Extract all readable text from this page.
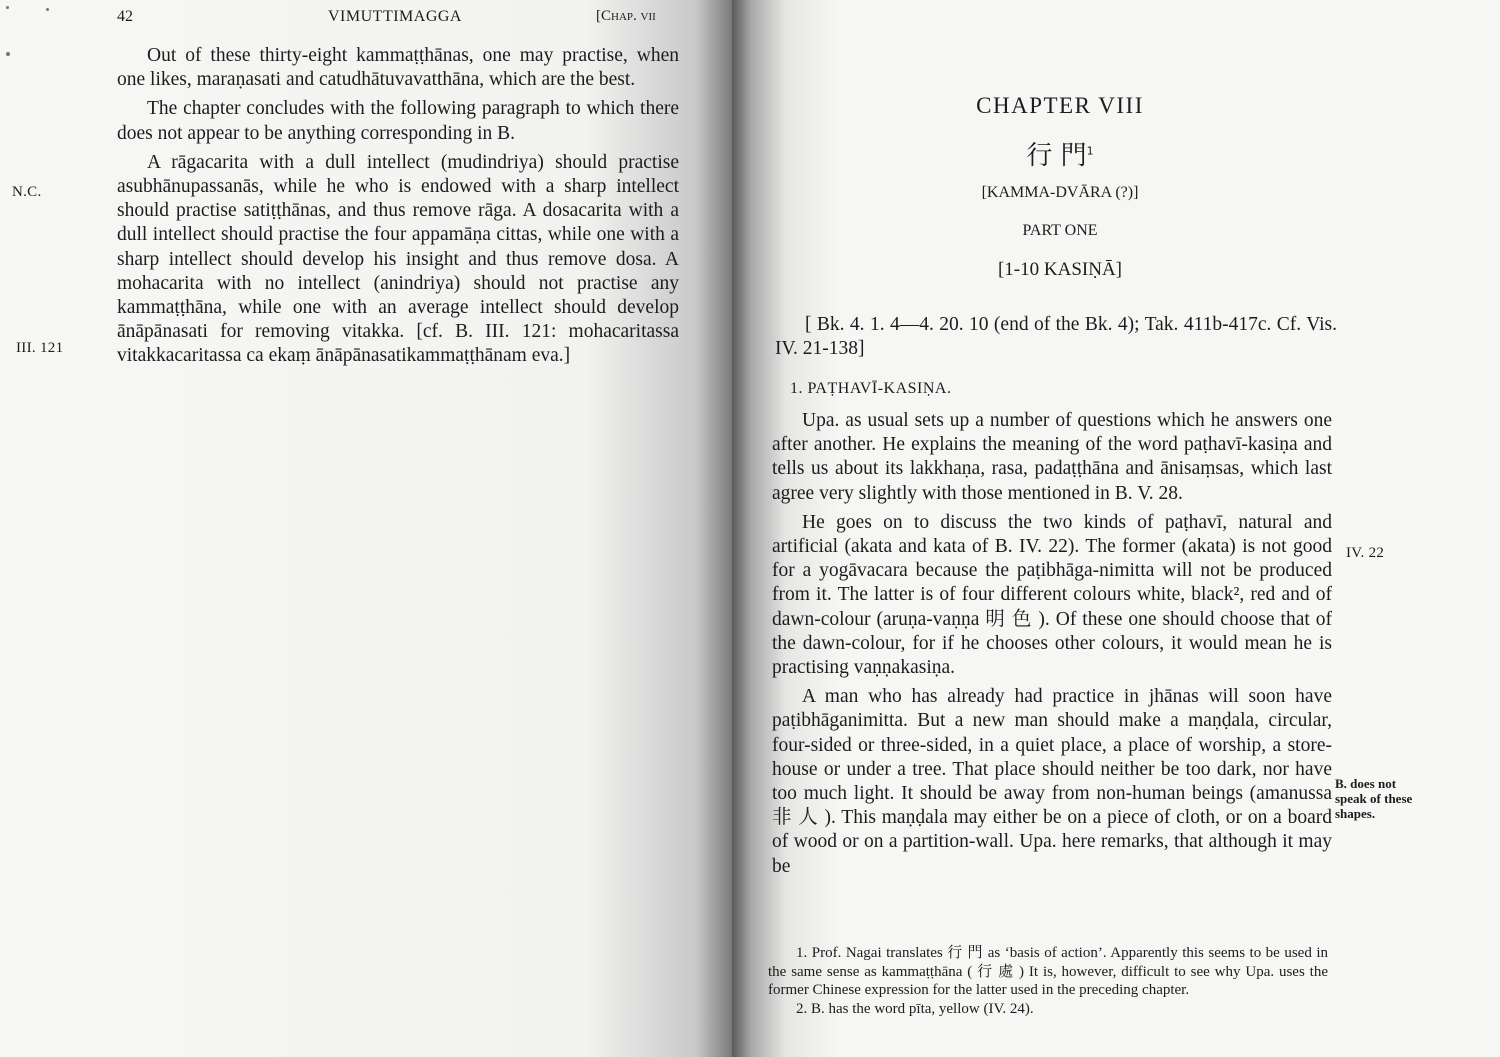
42	VIMUTTIMAGGA	[Chap. vii

Out of these thirty-eight kammaṭṭhānas, one may practise, when one likes, maraṇasati and catudhātuvavatthāna, which are the best.

The chapter concludes with the following paragraph to which there does not appear to be anything corresponding in B.

A rāgacarita with a dull intellect (mudindriya) should practise asubhānupassanās, while he who is endowed with a sharp intellect should practise satiṭṭhānas, and thus remove rāga. A dosacarita with a dull intellect should practise the four appamāṇa cittas, while one with a sharp intellect should develop his insight and thus remove dosa. A mohacarita with no intellect (anindriya) should not practise any kammaṭṭhāna, while one with an average intellect should develop ānāpānasati for removing vitakka. [cf. B. III. 121: mohacaritassa vitakkacaritassa ca ekaṃ ānāpānasatikammaṭṭhānam eva.]

N.C.
III. 121
CHAPTER VIII
行 門$^1$
[KAMMA-DVĀRA (?)]
PART ONE
[1-10 KASIṆĀ]
[ Bk. 4. 1. 4—4. 20. 10 (end of the Bk. 4); Tak. 411b-417c. Cf. Vis. IV. 21-138]
1. PAṬHAVĪ-KASIṆA.

Upa. as usual sets up a number of questions which he answers one after another. He explains the meaning of the word paṭhavī-kasiṇa and tells us about its lakkhaṇa, rasa, padaṭṭhāna and ānisaṃsas, which last agree very slightly with those mentioned in B. V. 28.

He goes on to discuss the two kinds of paṭhavī, natural and artificial (akata and kata of B. IV. 22). The former (akata) is not good for a yogāvacara because the paṭibhāga-nimitta will not be produced from it. The latter is of four different colours white, black², red and of dawn-colour (aruṇa-vaṇṇa 明 色 ). Of these one should choose that of the dawn-colour, for if he chooses other colours, it would mean he is practising vaṇṇakasiṇa.

A man who has already had practice in jhānas will soon have paṭibhāganimitta. But a new man should make a maṇḍala, circular, four-sided or three-sided, in a quiet place, a place of worship, a store-house or under a tree. That place should neither be too dark, nor have too much light. It should be away from non-human beings (amanussa 非 人 ). This maṇḍala may either be on a piece of cloth, or on a board of wood or on a partition-wall. Upa. here remarks, that although it may be

IV. 22
B. does not speak of these shapes.

1. Prof. Nagai translates 行 門 as ‘basis of action’. Apparently this seems to be used in the same sense as kammaṭṭhāna ( 行 處 ) It is, however, difficult to see why Upa. uses the former Chinese expression for the latter used in the preceding chapter.

2. B. has the word pīta, yellow (IV. 24).
